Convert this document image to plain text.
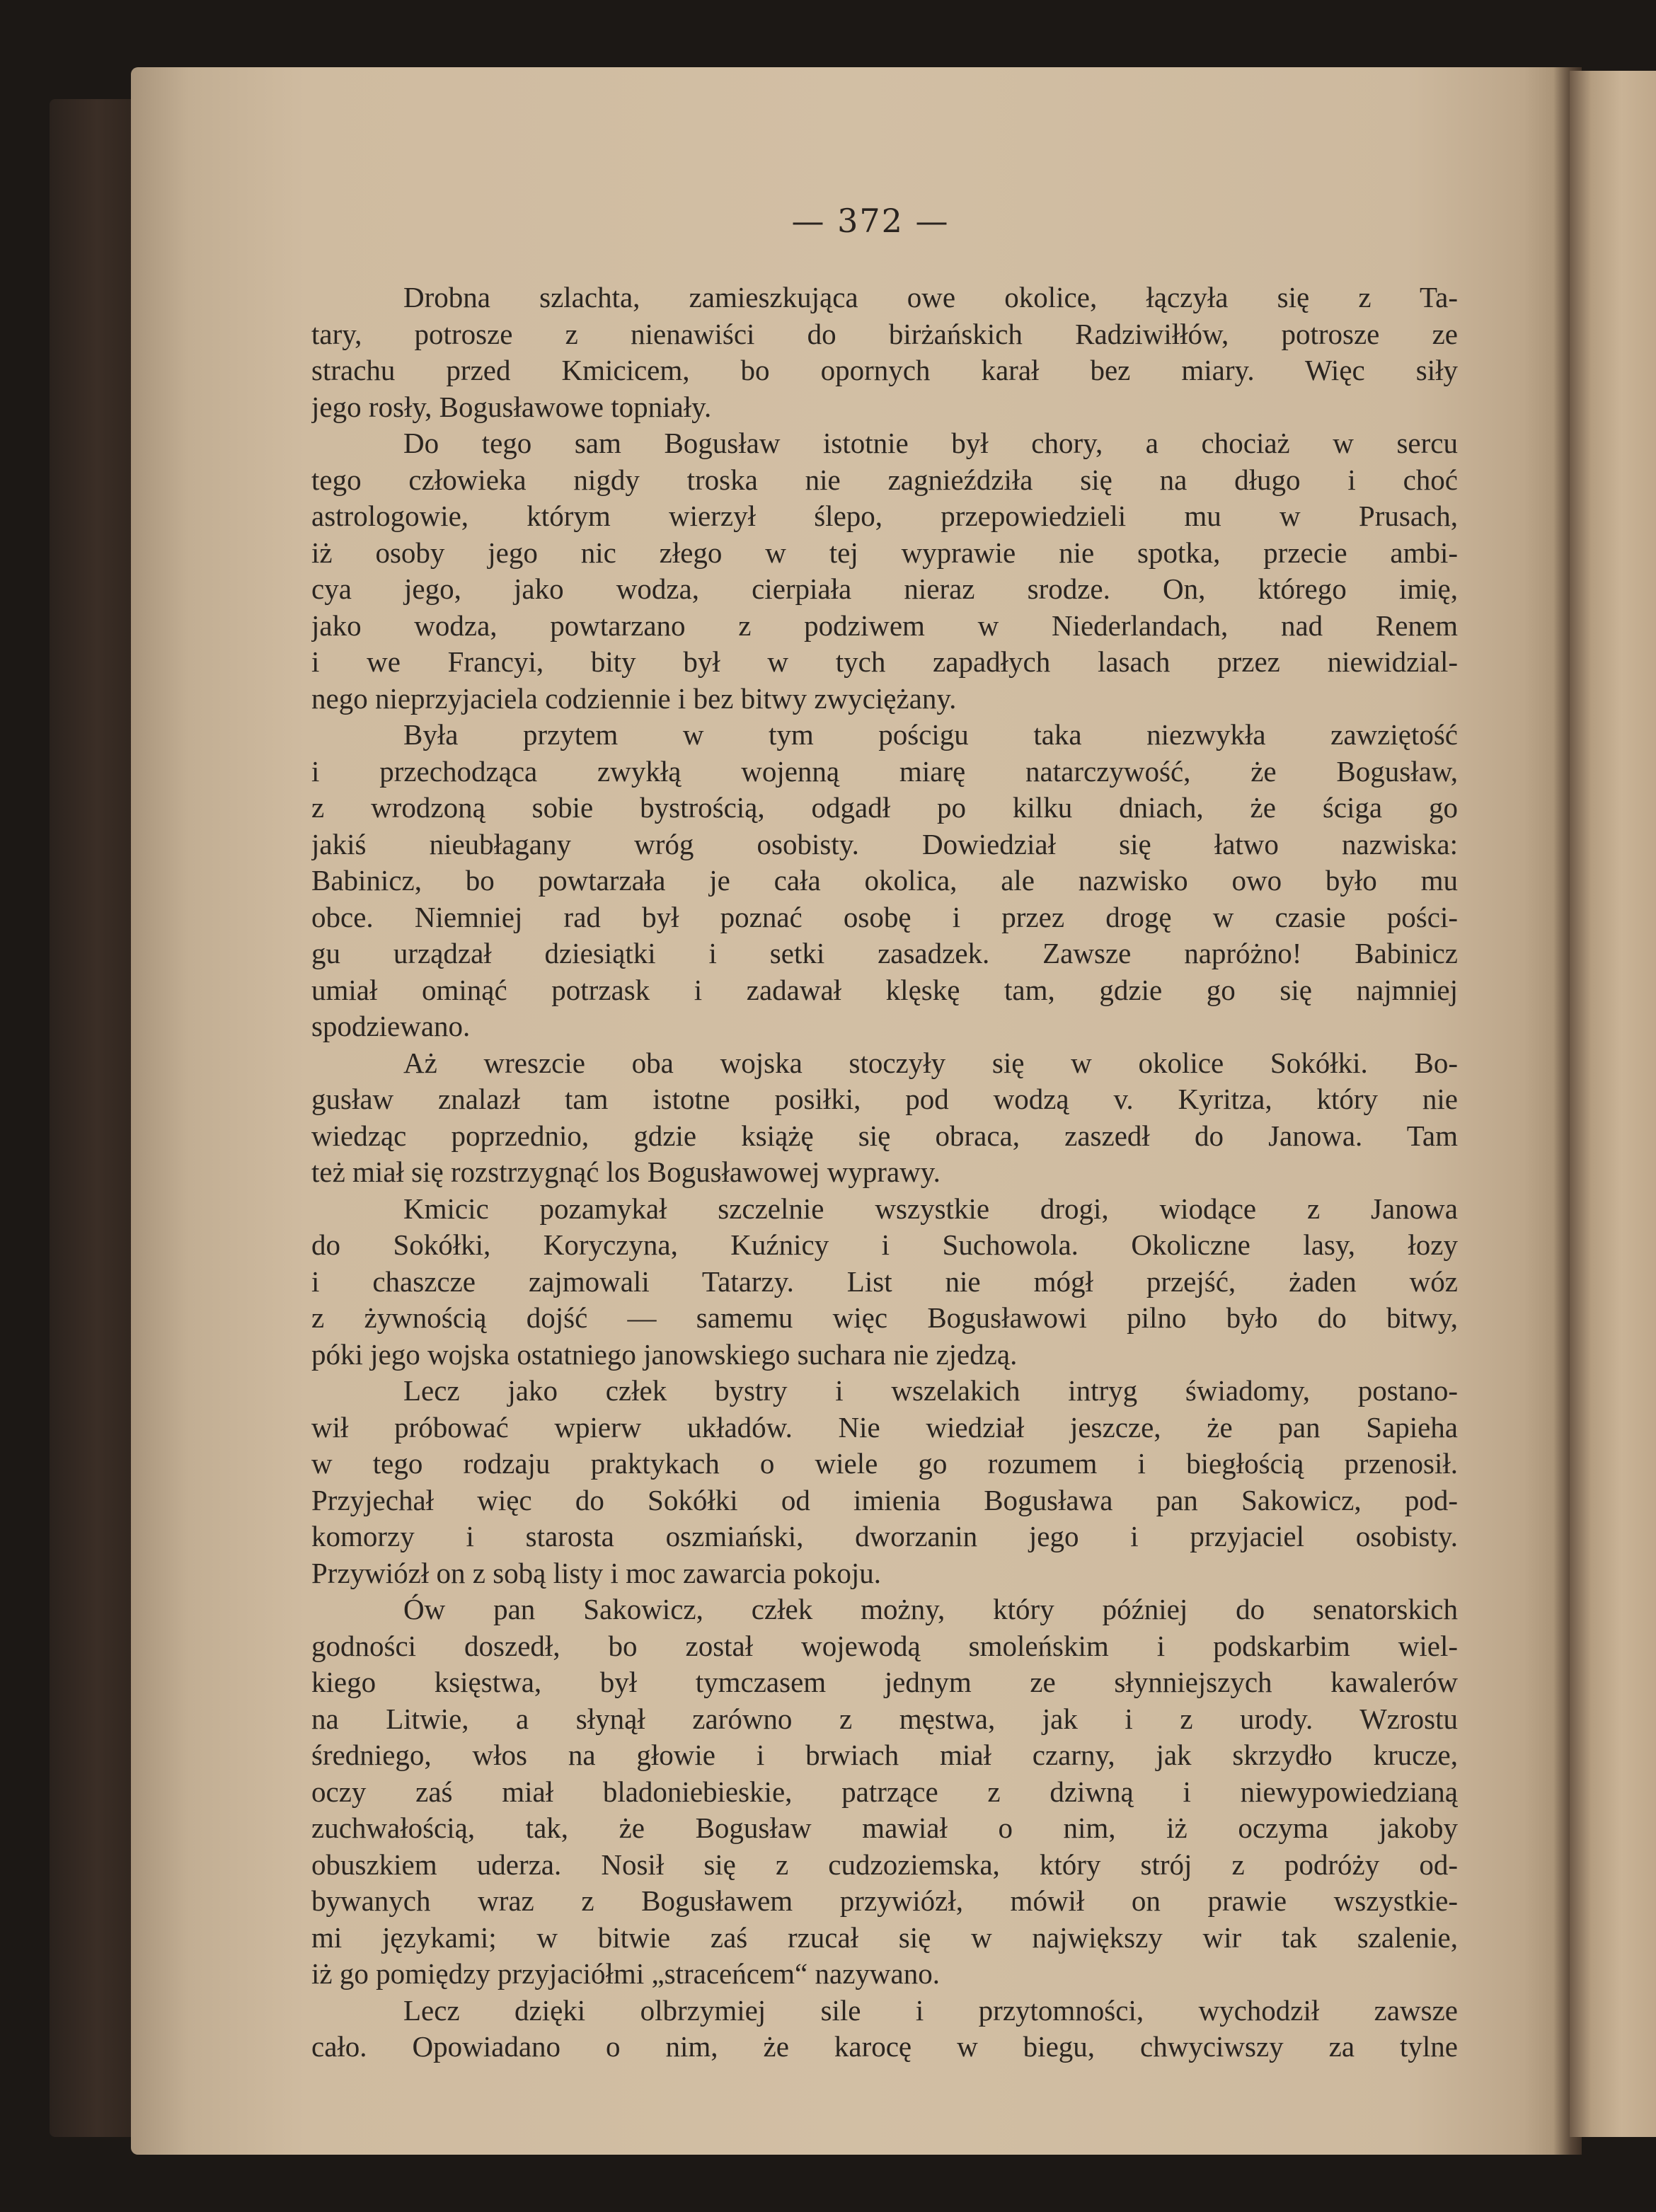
— 372 —
Drobna szlachta, zamieszkująca owe okolice, łączyła się z Ta-
tary, potrosze z nienawiści do birżańskich Radziwiłłów, potrosze ze
strachu przed Kmicicem, bo opornych karał bez miary. Więc siły
jego rosły, Bogusławowe topniały.
Do tego sam Bogusław istotnie był chory, a chociaż w sercu
tego człowieka nigdy troska nie zagnieździła się na długo i choć
astrologowie, którym wierzył ślepo, przepowiedzieli mu w Prusach,
iż osoby jego nic złego w tej wyprawie nie spotka, przecie ambi-
cya jego, jako wodza, cierpiała nieraz srodze. On, którego imię,
jako wodza, powtarzano z podziwem w Niederlandach, nad Renem
i we Francyi, bity był w tych zapadłych lasach przez niewidzial-
nego nieprzyjaciela codziennie i bez bitwy zwyciężany.
Była przytem w tym pościgu taka niezwykła zawziętość
i przechodząca zwykłą wojenną miarę natarczywość, że Bogusław,
z wrodzoną sobie bystrością, odgadł po kilku dniach, że ściga go
jakiś nieubłagany wróg osobisty. Dowiedział się łatwo nazwiska:
Babinicz, bo powtarzała je cała okolica, ale nazwisko owo było mu
obce. Niemniej rad był poznać osobę i przez drogę w czasie pości-
gu urządzał dziesiątki i setki zasadzek. Zawsze napróżno! Babinicz
umiał ominąć potrzask i zadawał klęskę tam, gdzie go się najmniej
spodziewano.
Aż wreszcie oba wojska stoczyły się w okolice Sokółki. Bo-
gusław znalazł tam istotne posiłki, pod wodzą v. Kyritza, który nie
wiedząc poprzednio, gdzie książę się obraca, zaszedł do Janowa. Tam
też miał się rozstrzygnąć los Bogusławowej wyprawy.
Kmicic pozamykał szczelnie wszystkie drogi, wiodące z Janowa
do Sokółki, Koryczyna, Kuźnicy i Suchowola. Okoliczne lasy, łozy
i chaszcze zajmowali Tatarzy. List nie mógł przejść, żaden wóz
z żywnością dojść — samemu więc Bogusławowi pilno było do bitwy,
póki jego wojska ostatniego janowskiego suchara nie zjedzą.
Lecz jako człek bystry i wszelakich intryg świadomy, postano-
wił próbować wpierw układów. Nie wiedział jeszcze, że pan Sapieha
w tego rodzaju praktykach o wiele go rozumem i biegłością przenosił.
Przyjechał więc do Sokółki od imienia Bogusława pan Sakowicz, pod-
komorzy i starosta oszmiański, dworzanin jego i przyjaciel osobisty.
Przywiózł on z sobą listy i moc zawarcia pokoju.
Ów pan Sakowicz, człek możny, który później do senatorskich
godności doszedł, bo został wojewodą smoleńskim i podskarbim wiel-
kiego księstwa, był tymczasem jednym ze słynniejszych kawalerów
na Litwie, a słynął zarówno z męstwa, jak i z urody. Wzrostu
średniego, włos na głowie i brwiach miał czarny, jak skrzydło krucze,
oczy zaś miał bladoniebieskie, patrzące z dziwną i niewypowiedzianą
zuchwałością, tak, że Bogusław mawiał o nim, iż oczyma jakoby
obuszkiem uderza. Nosił się z cudzoziemska, który strój z podróży od-
bywanych wraz z Bogusławem przywiózł, mówił on prawie wszystkie-
mi językami; w bitwie zaś rzucał się w największy wir tak szalenie,
iż go pomiędzy przyjaciółmi „straceńcem“ nazywano.
Lecz dzięki olbrzymiej sile i przytomności, wychodził zawsze
cało. Opowiadano o nim, że karocę w biegu, chwyciwszy za tylne
